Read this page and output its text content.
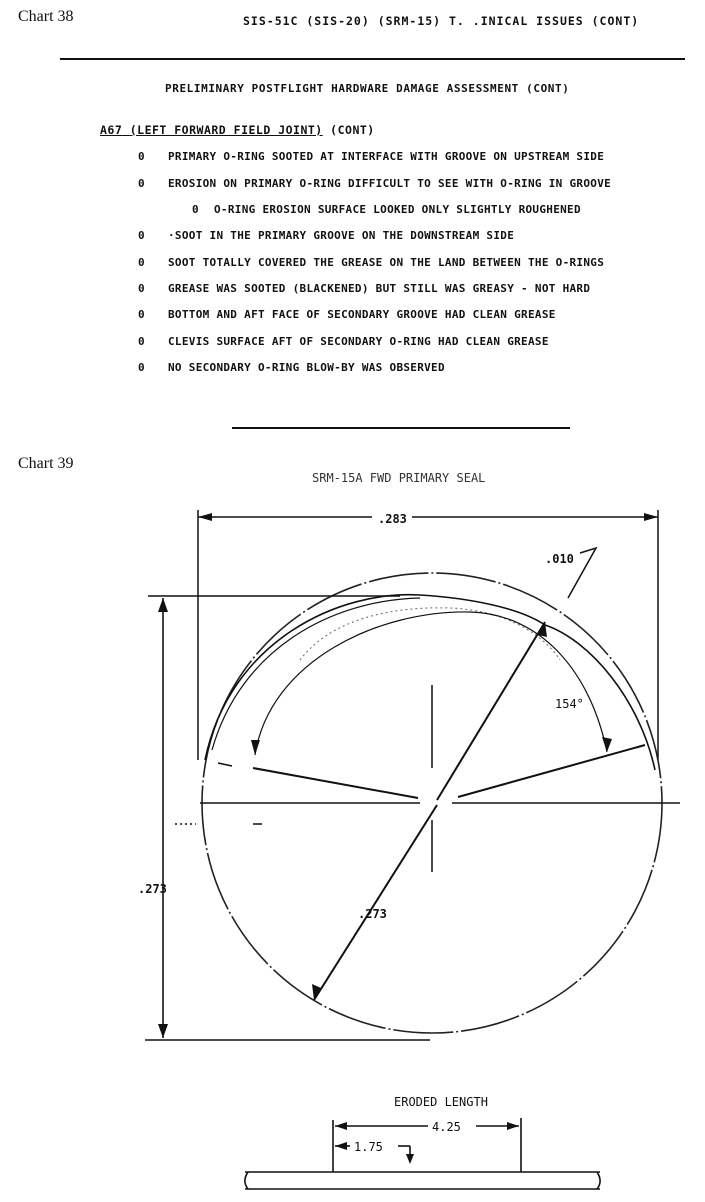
Chart 38	SIS-51C (SIS-20) (SRM-15) T. .INICAL ISSUES (CONT)
PRELIMINARY POSTFLIGHT HARDWARE DAMAGE ASSESSMENT (CONT)
A67 (LEFT FORWARD FIELD JOINT) (CONT)
0 PRIMARY O-RING SOOTED AT INTERFACE WITH GROOVE ON UPSTREAM SIDE
0 EROSION ON PRIMARY O-RING DIFFICULT TO SEE WITH O-RING IN GROOVE
0 O-RING EROSION SURFACE LOOKED ONLY SLIGHTLY ROUGHENED
0 ·SOOT IN THE PRIMARY GROOVE ON THE DOWNSTREAM SIDE
0 SOOT TOTALLY COVERED THE GREASE ON THE LAND BETWEEN THE O-RINGS
0 GREASE WAS SOOTED (BLACKENED) BUT STILL WAS GREASY - NOT HARD
0 BOTTOM AND AFT FACE OF SECONDARY GROOVE HAD CLEAN GREASE
0 CLEVIS SURFACE AFT OF SECONDARY O-RING HAD CLEAN GREASE
0 NO SECONDARY O-RING BLOW-BY WAS OBSERVED
Chart 39
SRM-15A FWD PRIMARY SEAL
.283
.010
154°
.273
.273
ERODED LENGTH
4.25
1.75
